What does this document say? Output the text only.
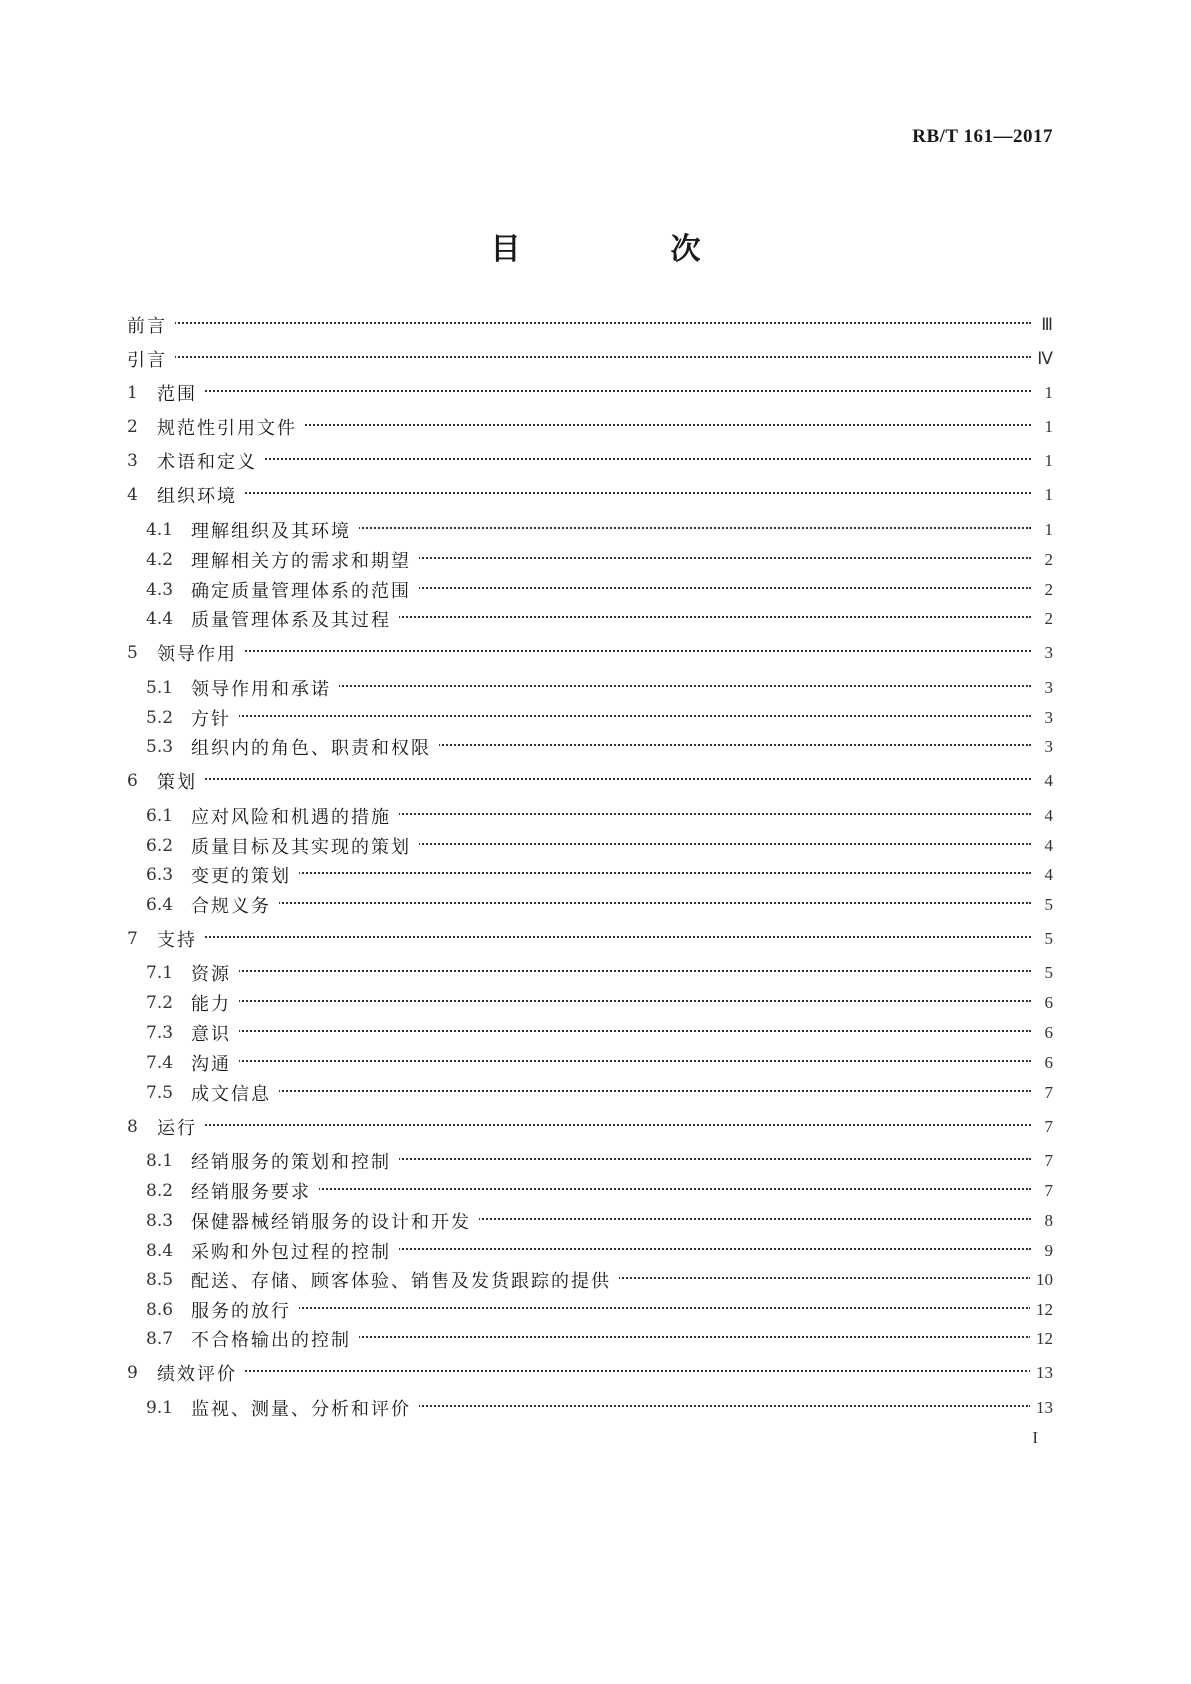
RB/T 161—2017
目　次
前言	Ⅲ
引言	Ⅳ
1 范围	1
2 规范性引用文件	1
3 术语和定义	1
4 组织环境	1
4.1 理解组织及其环境	1
4.2 理解相关方的需求和期望	2
4.3 确定质量管理体系的范围	2
4.4 质量管理体系及其过程	2
5 领导作用	3
5.1 领导作用和承诺	3
5.2 方针	3
5.3 组织内的角色、职责和权限	3
6 策划	4
6.1 应对风险和机遇的措施	4
6.2 质量目标及其实现的策划	4
6.3 变更的策划	4
6.4 合规义务	5
7 支持	5
7.1 资源	5
7.2 能力	6
7.3 意识	6
7.4 沟通	6
7.5 成文信息	7
8 运行	7
8.1 经销服务的策划和控制	7
8.2 经销服务要求	7
8.3 保健器械经销服务的设计和开发	8
8.4 采购和外包过程的控制	9
8.5 配送、存储、顾客体验、销售及发货跟踪的提供	10
8.6 服务的放行	12
8.7 不合格输出的控制	12
9 绩效评价	13
9.1 监视、测量、分析和评价	13
I
